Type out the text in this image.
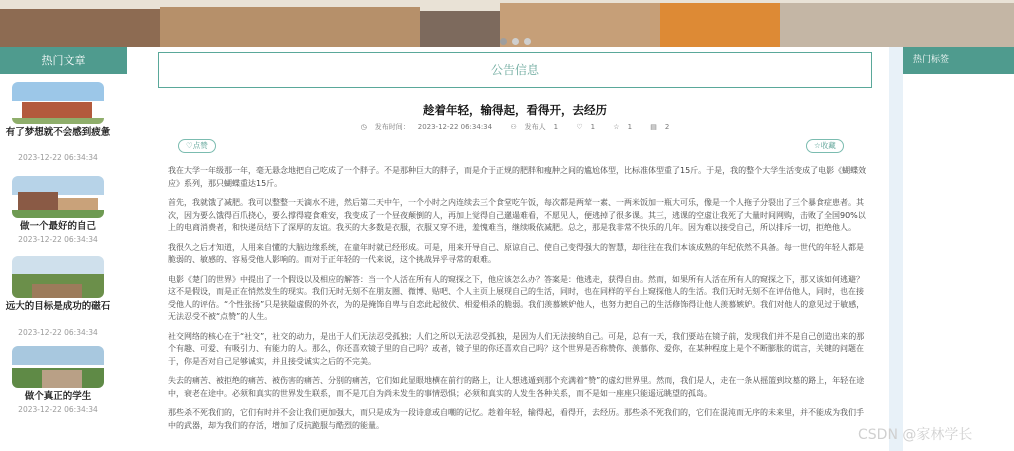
热门文章
有了梦想就不会感到疲惫
2023-12-22 06:34:34
做一个最好的自己
2023-12-22 06:34:34
远大的目标是成功的磁石
2023-12-22 06:34:34
做个真正的学生
2023-12-22 06:34:34
公告信息
趁着年轻，输得起，看得开，去经历
◷ 发布时间： 2023-12-22 06:34:34	⚇ 发布人 1	♡ 1	☆ 1	▤ 2
♡点赞	☆收藏

我在大学一年级那一年，毫无悬念地把自己吃成了一个胖子。不是那种巨大的胖子，而是介于正规的肥胖和瘦肿之间的尴尬体型，比标准体型重了15斤。于是，我的整个大学生活变成了电影《蝴蝶效应》系列，那只蝴蝶重达15斤。

首先，我就饿了减肥。我可以整整一天滴水不进，然后第二天中午，一个小时之内连续去三个食堂吃午饭，每次都是两荤一素、一两米饭加一瓶大可乐，像是一个人拖子分裂出了三个暴食症患者。其次，因为要么饿得百爪挠心，要么撑得寝食难安，我变成了一个昼夜颠倒的人，再加上觉得自己邋遢难看，不愿见人，便逃掉了很多课。其三，逃课的空虚让我死了大量时间网购，击败了全国90%以上的电商消费者，和快递员结下了深厚的友谊。我买的大多数是衣服，衣服又穿不进，羞愧难当，继续吸依减肥。总之，那是我非常不快乐的几年。因为难以接受自己，所以排斥一切，拒绝他人。

我很久之后才知道，人用来自懂的大脑边缘系统，在童年时就已经形成。可是，用来开导自己、原谅自己、使自己变得强大的智慧，却往往在我们本该成熟的年纪依然不具备。每一世代的年轻人都是脆弱的、敏感的、容易受他人影响的。而对于正年轻的一代来说，这个挑战异乎寻常的艰难。

电影《楚门的世界》中提出了一个假设以及相应的解答：当一个人活在所有人的窥探之下，他应该怎么办？答案是：他逃走，获得自由。然而，如果所有人活在所有人的窥探之下，那又该如何逃避？这不是假设，而是正在悄然发生的现实。我们无时无刻不在朋友圈、微博、贴吧、个人主页上展现自己的生活，同时，也在同样的平台上窥探他人的生活。我们无时无刻不在评估他人，同时，也在接受他人的评估。“个性张扬”只是狭隘虚假的外衣，为的是掩饰自卑与自恋此起彼伏、相爱相杀的脆弱。我们羡慕嫉妒他人，也努力把自己的生活修饰得让他人羡慕嫉妒。我们对他人的意见过于敏感，无法忍受不被“点赞”的人生。

社交网络的核心在于“社交”，社交的动力，是出于人们无法忍受孤独；人们之所以无法忍受孤独，是因为人们无法接纳自己。可是，总有一天，我们要站在镜子前，发现我们并不是自己创造出来的那个有趣、可爱、有吸引力、有能力的人。那么，你还喜欢镜子里的自己吗？或者，镜子里的你还喜欢自己吗？这个世界是否称赞你、羡慕你、爱你，在某种程度上是个不断膨胀的谎言，关键的问题在于，你是否对自己足够诚实，并且接受诚实之后的不完美。

失去的痛苦、被拒绝的痛苦、被伤害的痛苦、分别的痛苦，它们如此显眼地横在前行的路上，让人想逃遁到那个充满着“赞”的虚幻世界里。然而，我们是人，走在一条从摇篮到坟墓的路上，年轻在途中，衰老在途中。必须和真实的世界发生联系，而不是兀自为尚未发生的事情恐惧；必须和真实的人发生各种关系，而不是如一座座只能遥远眺望的孤岛。

那些杀不死我们的，它们有时并不会让我们更加强大，而只是成为一段诗意或自嘲的记忆。趁着年轻，输得起，看得开，去经历。那些杀不死我们的，它们在混沌而无序的未来里，并不能成为我们手中的武器，却为我们的存活，增加了反抗跪服与酷烈的能量。

热门标签
CSDN @家林学长
